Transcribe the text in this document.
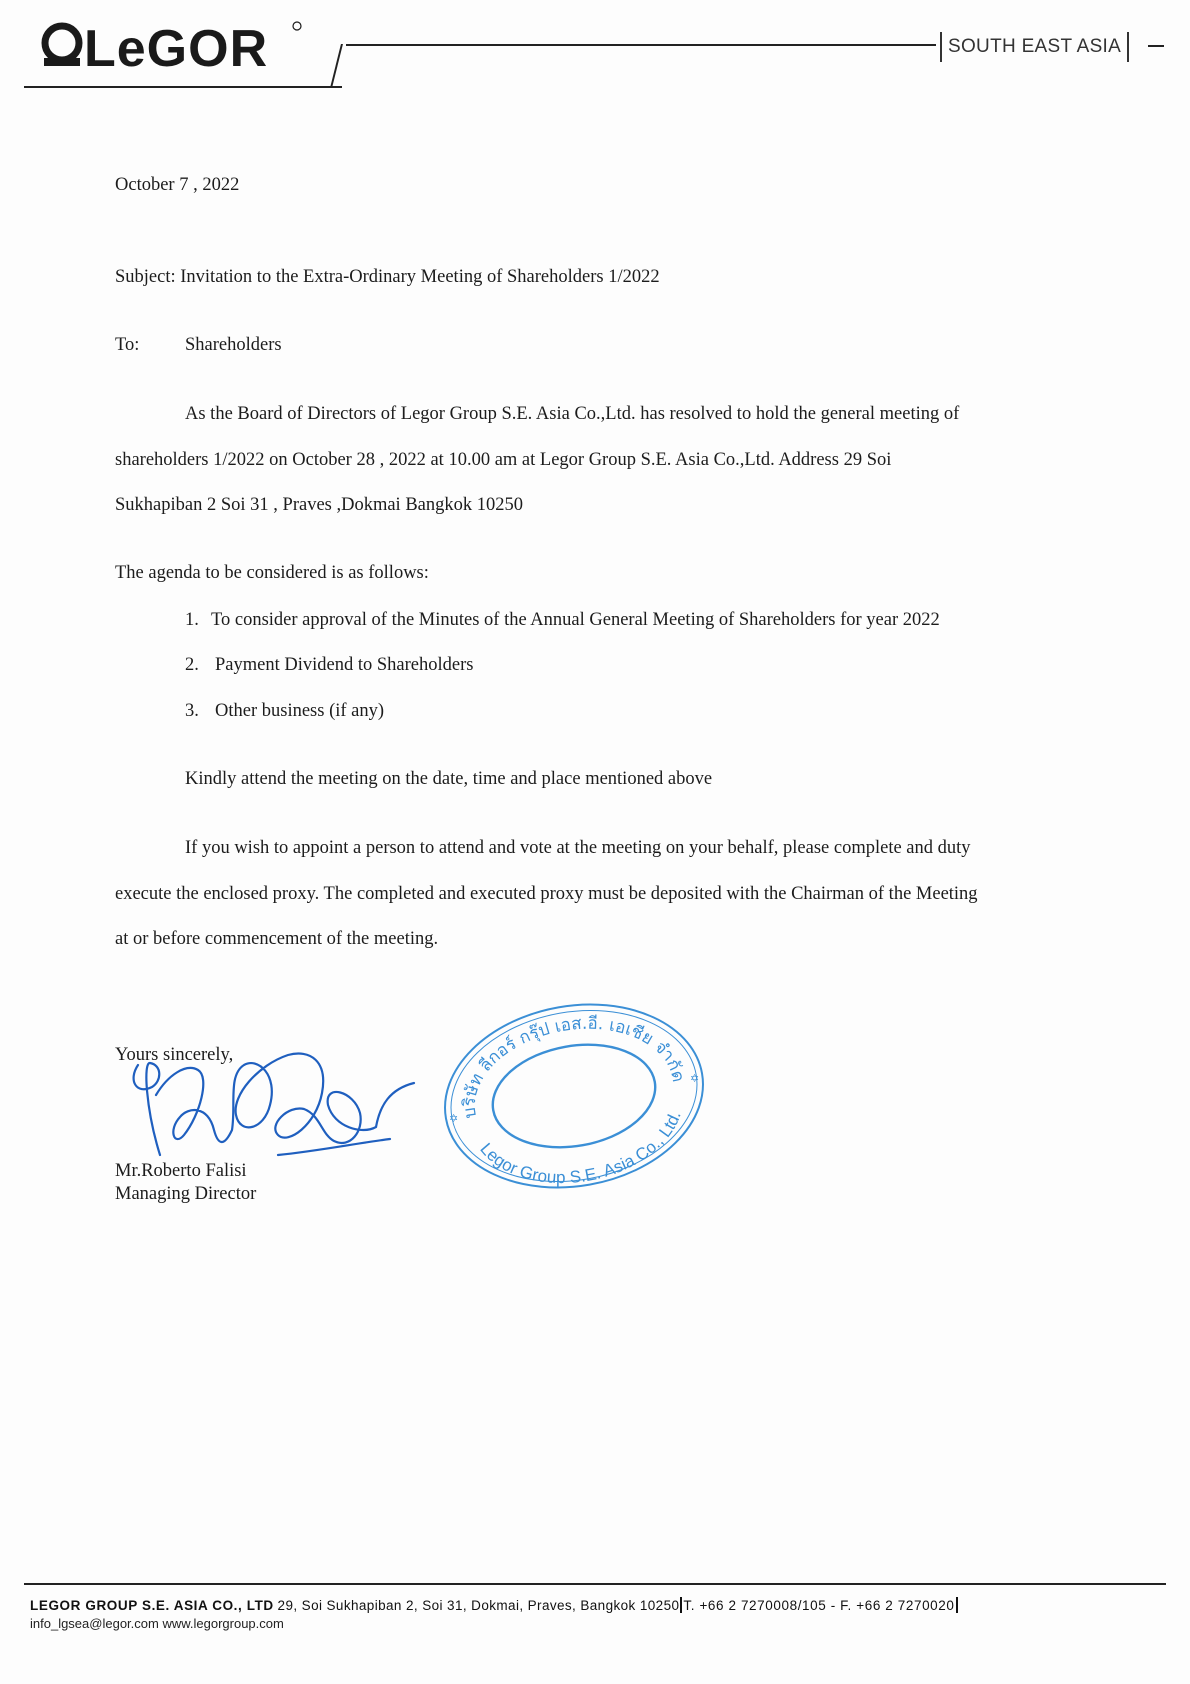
LeGOR	SOUTH EAST ASIA
October 7 , 2022
Subject: Invitation to the Extra-Ordinary Meeting of Shareholders 1/2022
To: Shareholders
As the Board of Directors of Legor Group S.E. Asia Co.,Ltd. has resolved to hold the general meeting of
shareholders 1/2022 on October 28 , 2022 at 10.00 am at Legor Group S.E. Asia Co.,Ltd. Address 29 Soi
Sukhapiban 2 Soi 31 , Praves ,Dokmai Bangkok 10250
The agenda to be considered is as follows:
1. To consider approval of the Minutes of the Annual General Meeting of Shareholders for year 2022
2. Payment Dividend to Shareholders
3. Other business (if any)
Kindly attend the meeting on the date, time and place mentioned above
If you wish to appoint a person to attend and vote at the meeting on your behalf, please complete and duty
execute the enclosed proxy. The completed and executed proxy must be deposited with the Chairman of the Meeting
at or before commencement of the meeting.
Yours sincerely,
Mr.Roberto Falisi
Managing Director
บริษัท ลีกอร์ กรุ๊ป เอส.อี. เอเชีย จำกัด
Legor Group S.E. Asia Co., Ltd.
✡
✡
LEGOR GROUP S.E. ASIA CO., LTD 29, Soi Sukhapiban 2, Soi 31, Dokmai, Praves, Bangkok 10250 T. +66 2 7270008/105 - F. +66 2 7270020
info_lgsea@legor.com www.legorgroup.com
